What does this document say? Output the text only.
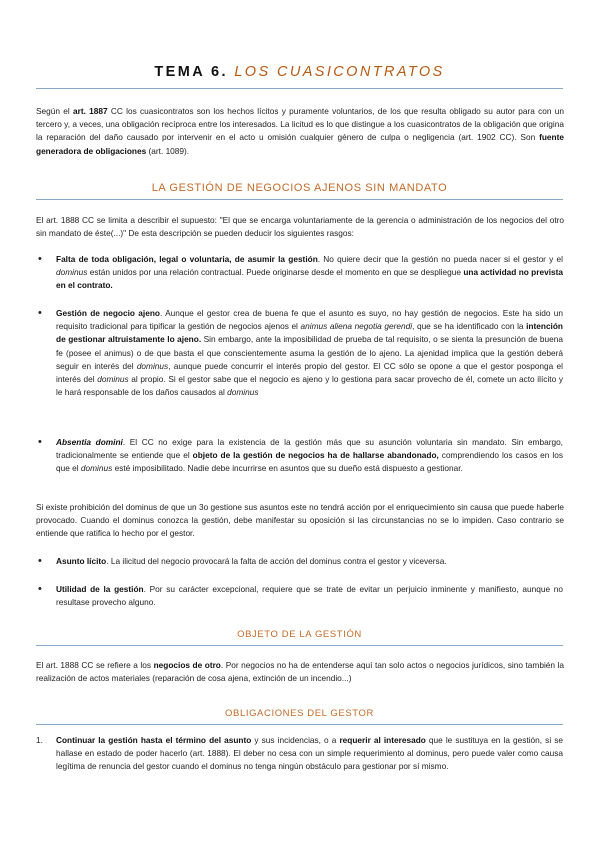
TEMA 6. LOS CUASICONTRATOS
Según el art. 1887 CC los cuasicontratos son los hechos lícitos y puramente voluntarios, de los que resulta obligado su autor para con un tercero y, a veces, una obligación recíproca entre los interesados. La licitud es lo que distingue a los cuasicontratos de la obligación que origina la reparación del daño causado por intervenir en el acto u omisión cualquier género de culpa o negligencia (art. 1902 CC). Son fuente generadora de obligaciones (art. 1089).
LA GESTIÓN DE NEGOCIOS AJENOS SIN MANDATO
El art. 1888 CC se limita a describir el supuesto: "El que se encarga voluntariamente de la gerencia o administración de los negocios del otro sin mandato de éste(...)" De esta descripción se pueden deducir los siguientes rasgos:
• Falta de toda obligación, legal o voluntaria, de asumir la gestión. No quiere decir que la gestión no pueda nacer si el gestor y el dominus están unidos por una relación contractual. Puede originarse desde el momento en que se despliegue una actividad no prevista en el contrato.
• Gestión de negocio ajeno. Aunque el gestor crea de buena fe que el asunto es suyo, no hay gestión de negocios. Este ha sido un requisito tradicional para tipificar la gestión de negocios ajenos el animus aliena negotia gerendi, que se ha identificado con la intención de gestionar altruistamente lo ajeno. Sin embargo, ante la imposibilidad de prueba de tal requisito, o se sienta la presunción de buena fe (posee el animus) o de que basta el que conscientemente asuma la gestión de lo ajeno. La ajenidad implica que la gestión deberá seguir en interés del dominus, aunque puede concurrir el interés propio del gestor. El CC sólo se opone a que el gestor posponga el interés del dominus al propio. Si el gestor sabe que el negocio es ajeno y lo gestiona para sacar provecho de él, comete un acto ilícito y le hará responsable de los daños causados al dominus
• Absentia domini. El CC no exige para la existencia de la gestión más que su asunción voluntaria sin mandato. Sin embargo, tradicionalmente se entiende que el objeto de la gestión de negocios ha de hallarse abandonado, comprendiendo los casos en los que el dominus esté imposibilitado. Nadie debe incurrirse en asuntos que su dueño está dispuesto a gestionar.
Si existe prohibición del dominus de que un 3o gestione sus asuntos este no tendrá acción por el enriquecimiento sin causa que puede haberle provocado. Cuando el dominus conozca la gestión, debe manifestar su oposición si las circunstancias no se lo impiden. Caso contrario se entiende que ratifica lo hecho por el gestor.
• Asunto lícito. La ilicitud del negocio provocará la falta de acción del dominus contra el gestor y viceversa.
• Utilidad de la gestión. Por su carácter excepcional, requiere que se trate de evitar un perjuicio inminente y manifiesto, aunque no resultase provecho alguno.
OBJETO DE LA GESTIÓN
El art. 1888 CC se refiere a los negocios de otro. Por negocios no ha de entenderse aquí tan solo actos o negocios jurídicos, sino también la realización de actos materiales (reparación de cosa ajena, extinción de un incendio...)
OBLIGACIONES DEL GESTOR
1. Continuar la gestión hasta el término del asunto y sus incidencias, o a requerir al interesado que le sustituya en la gestión, si se hallase en estado de poder hacerlo (art. 1888). El deber no cesa con un simple requerimiento al dominus, pero puede valer como causa legítima de renuncia del gestor cuando el dominus no tenga ningún obstáculo para gestionar por sí mismo.
